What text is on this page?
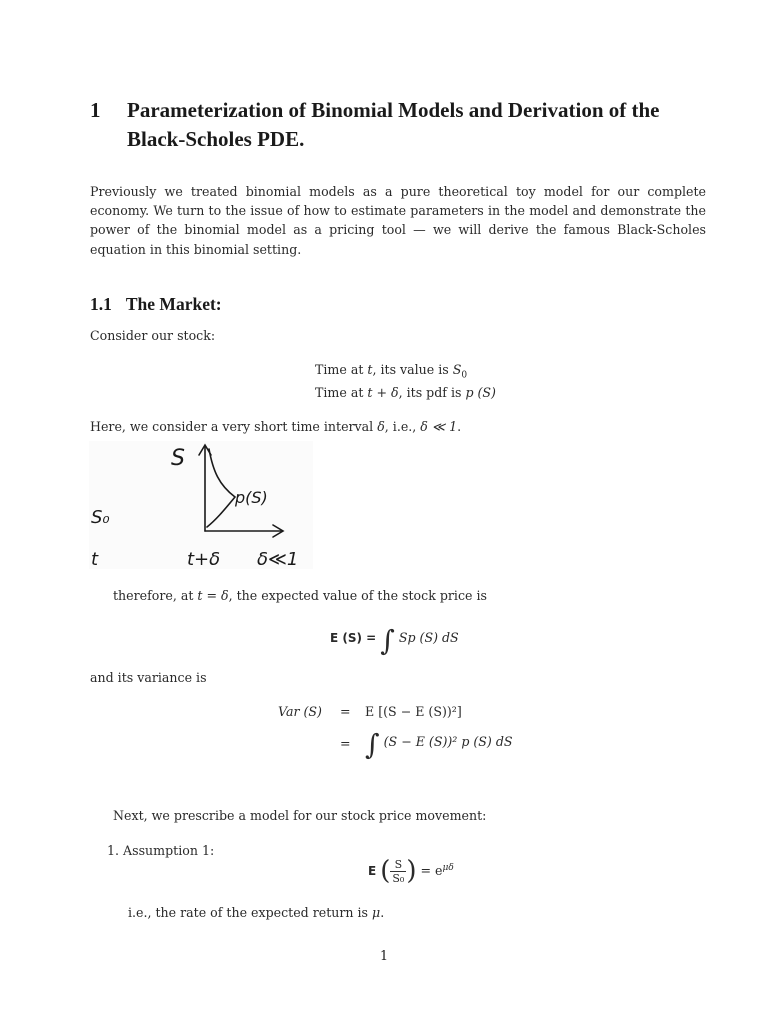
1 Parameterization of Binomial Models and Derivation of the Black-Scholes PDE.
Previously we treated binomial models as a pure theoretical toy model for our complete economy. We turn to the issue of how to estimate parameters in the model and demonstrate the power of the binomial model as a pricing tool — we will derive the famous Black-Scholes equation in this binomial setting.
1.1 The Market:
Consider our stock:
Time at t, its value is $S_0$
Time at t + δ, its pdf is p (S)
Here, we consider a very short time interval δ, i.e., δ ≪ 1.
S
p(S)
S₀
t	t+δ δ≪1
therefore, at t = δ, the expected value of the stock price is
E (S) = ∫ Sp (S) dS
and its variance is
Var (S) = E [(S − E (S))²]
= ∫ (S − E (S))² p (S) dS
Next, we prescribe a model for our stock price movement:
1. Assumption 1:
E ( $\frac{S}{\text{S₀}}$ ) = $e^{\mu\delta}$
i.e., the rate of the expected return is μ.
1
